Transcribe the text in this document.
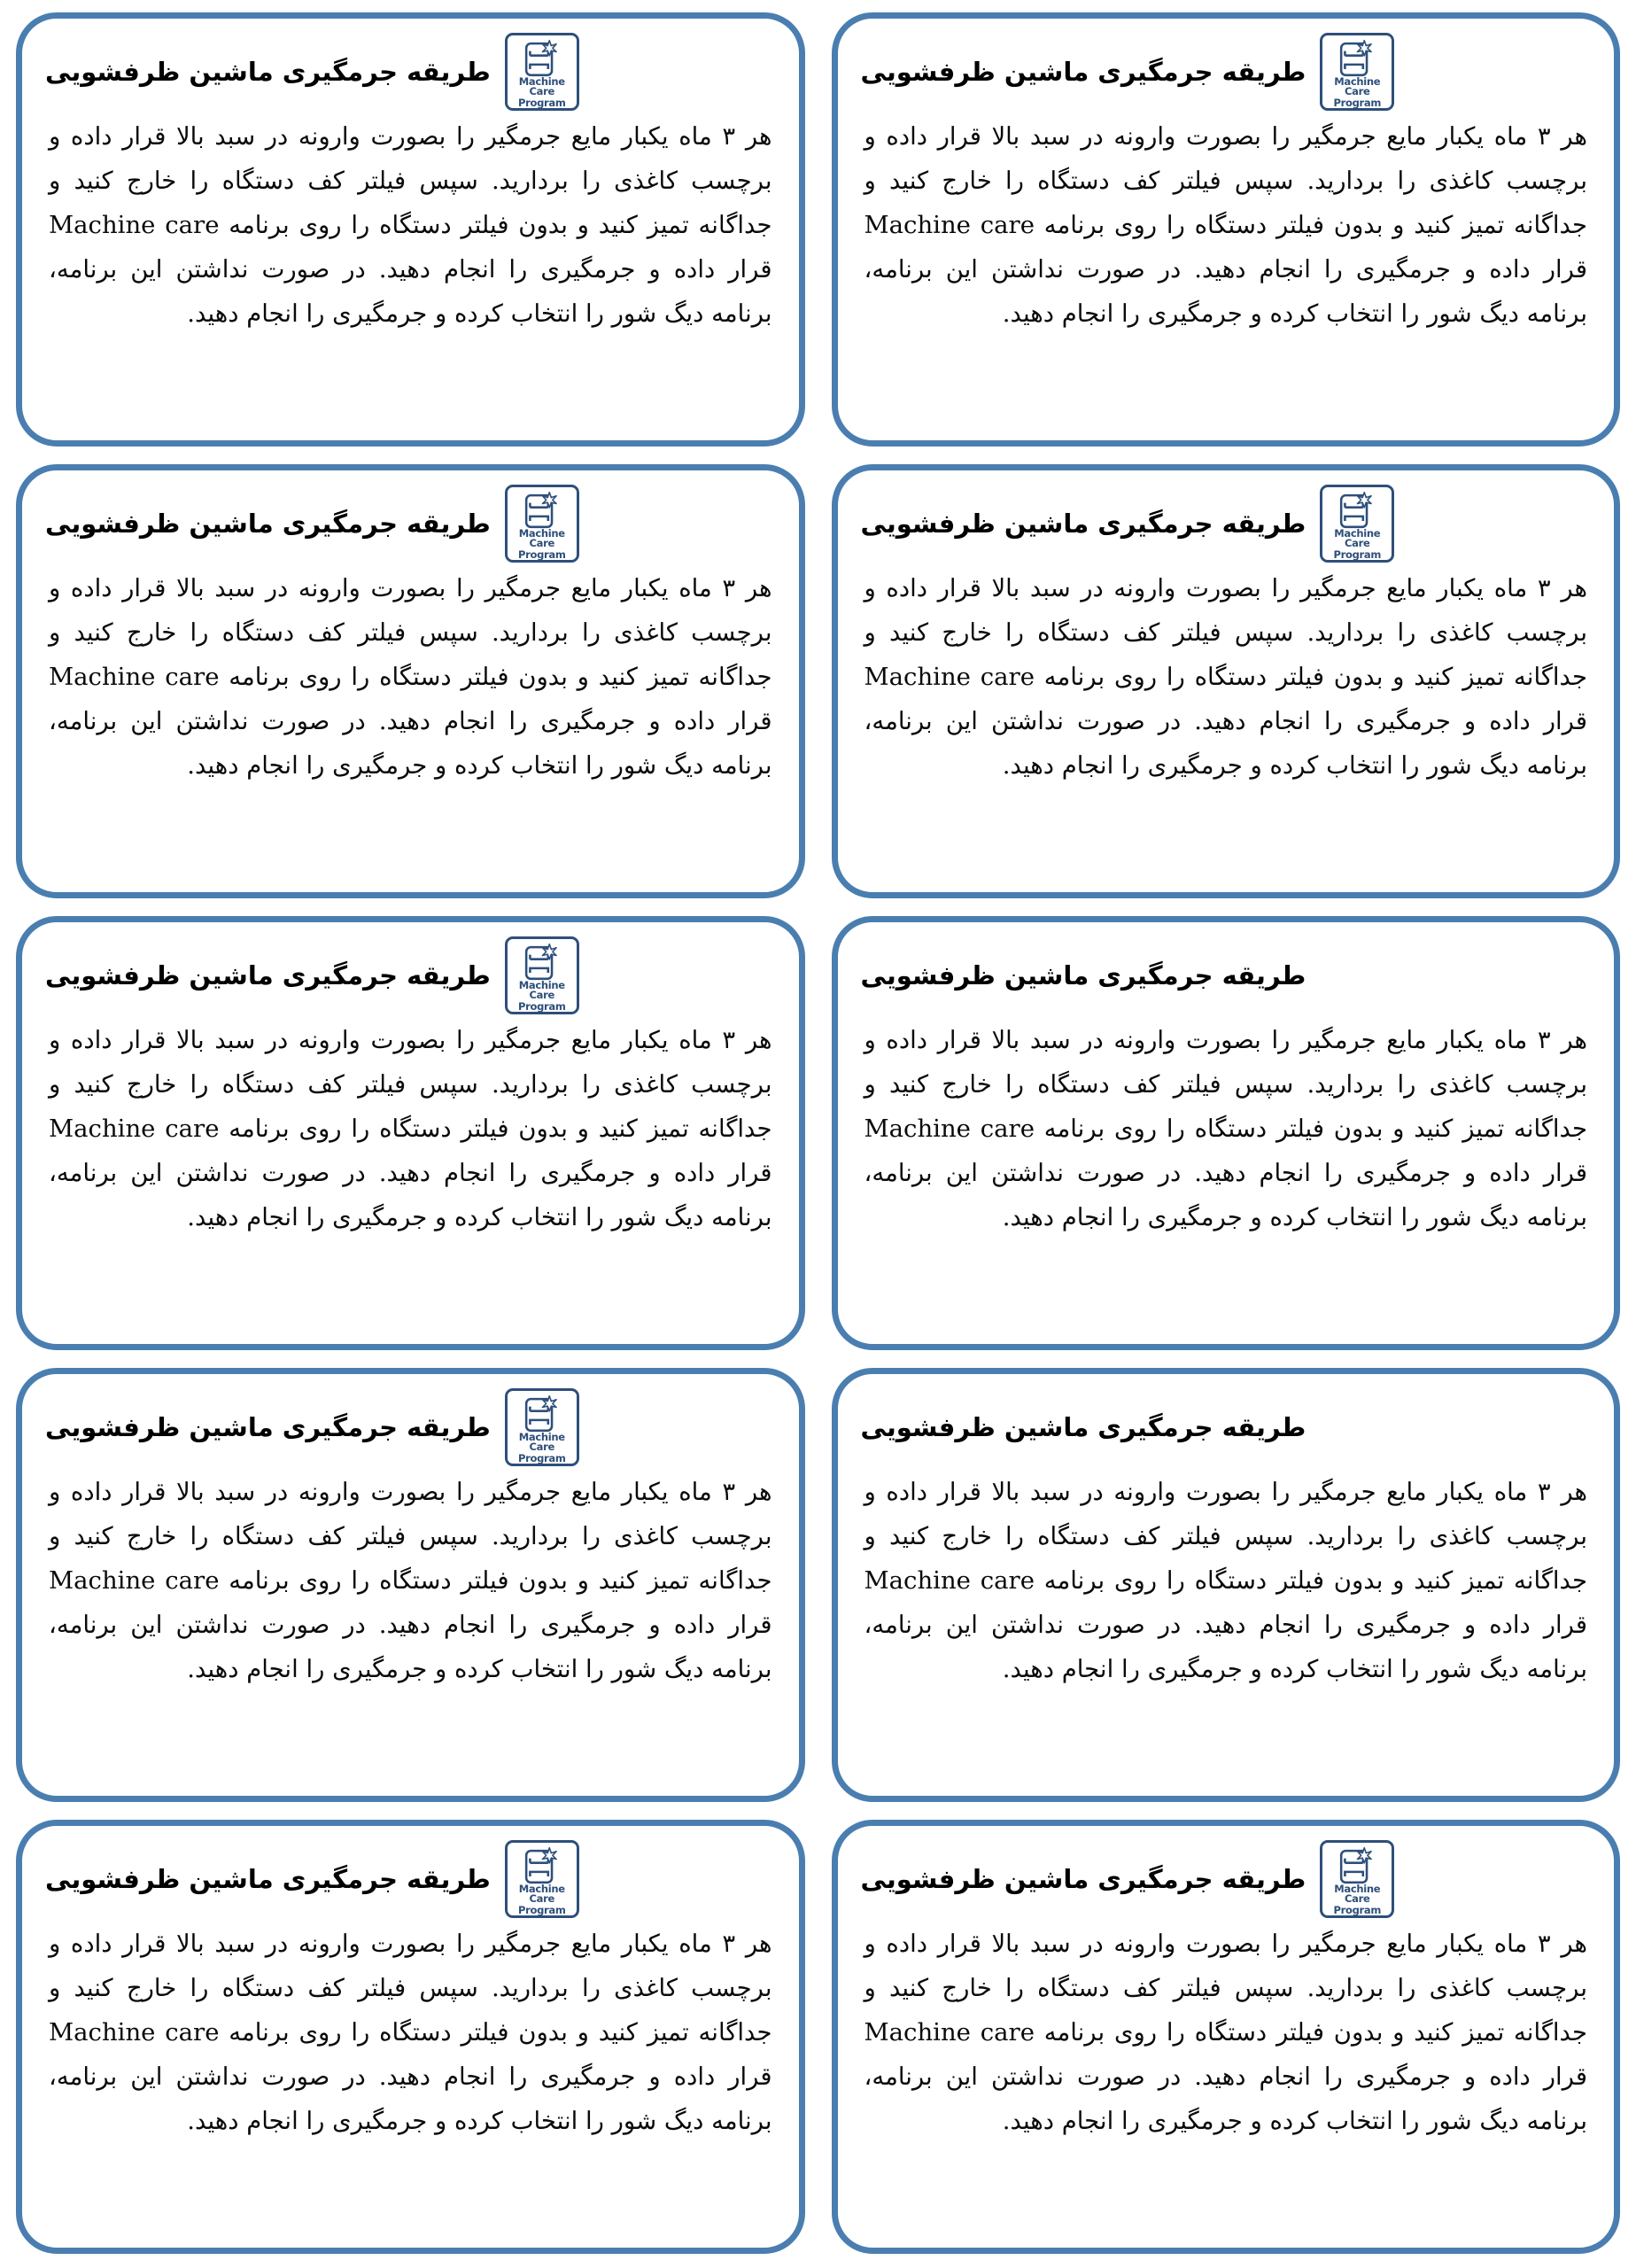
طریقه جرمگیری ماشین ظرفشویی	Machine Care
Program

هر ۳ ماه یکبار مایع جرمگیر را بصورت وارونه در سبد بالا قرار داده و برچسب کاغذی را بردارید. سپس فیلتر کف دستگاه را خارج کنید و جداگانه تمیز کنید و بدون فیلتر دستگاه را روی برنامه Machine care قرار داده و جرمگیری را انجام دهید. در صورت نداشتن این برنامه، برنامه دیگ شور را انتخاب کرده و جرمگیری را انجام دهید.

طریقه جرمگیری ماشین ظرفشویی	Machine Care
Program

هر ۳ ماه یکبار مایع جرمگیر را بصورت وارونه در سبد بالا قرار داده و برچسب کاغذی را بردارید. سپس فیلتر کف دستگاه را خارج کنید و جداگانه تمیز کنید و بدون فیلتر دستگاه را روی برنامه Machine care قرار داده و جرمگیری را انجام دهید. در صورت نداشتن این برنامه، برنامه دیگ شور را انتخاب کرده و جرمگیری را انجام دهید.

طریقه جرمگیری ماشین ظرفشویی	Machine Care
Program

هر ۳ ماه یکبار مایع جرمگیر را بصورت وارونه در سبد بالا قرار داده و برچسب کاغذی را بردارید. سپس فیلتر کف دستگاه را خارج کنید و جداگانه تمیز کنید و بدون فیلتر دستگاه را روی برنامه Machine care قرار داده و جرمگیری را انجام دهید. در صورت نداشتن این برنامه، برنامه دیگ شور را انتخاب کرده و جرمگیری را انجام دهید.

طریقه جرمگیری ماشین ظرفشویی	Machine Care
Program

هر ۳ ماه یکبار مایع جرمگیر را بصورت وارونه در سبد بالا قرار داده و برچسب کاغذی را بردارید. سپس فیلتر کف دستگاه را خارج کنید و جداگانه تمیز کنید و بدون فیلتر دستگاه را روی برنامه Machine care قرار داده و جرمگیری را انجام دهید. در صورت نداشتن این برنامه، برنامه دیگ شور را انتخاب کرده و جرمگیری را انجام دهید.

طریقه جرمگیری ماشین ظرفشویی

هر ۳ ماه یکبار مایع جرمگیر را بصورت وارونه در سبد بالا قرار داده و برچسب کاغذی را بردارید. سپس فیلتر کف دستگاه را خارج کنید و جداگانه تمیز کنید و بدون فیلتر دستگاه را روی برنامه Machine care قرار داده و جرمگیری را انجام دهید. در صورت نداشتن این برنامه، برنامه دیگ شور را انتخاب کرده و جرمگیری را انجام دهید.

طریقه جرمگیری ماشین ظرفشویی	Machine Care
Program

هر ۳ ماه یکبار مایع جرمگیر را بصورت وارونه در سبد بالا قرار داده و برچسب کاغذی را بردارید. سپس فیلتر کف دستگاه را خارج کنید و جداگانه تمیز کنید و بدون فیلتر دستگاه را روی برنامه Machine care قرار داده و جرمگیری را انجام دهید. در صورت نداشتن این برنامه، برنامه دیگ شور را انتخاب کرده و جرمگیری را انجام دهید.

طریقه جرمگیری ماشین ظرفشویی

هر ۳ ماه یکبار مایع جرمگیر را بصورت وارونه در سبد بالا قرار داده و برچسب کاغذی را بردارید. سپس فیلتر کف دستگاه را خارج کنید و جداگانه تمیز کنید و بدون فیلتر دستگاه را روی برنامه Machine care قرار داده و جرمگیری را انجام دهید. در صورت نداشتن این برنامه، برنامه دیگ شور را انتخاب کرده و جرمگیری را انجام دهید.

طریقه جرمگیری ماشین ظرفشویی	Machine Care
Program

هر ۳ ماه یکبار مایع جرمگیر را بصورت وارونه در سبد بالا قرار داده و برچسب کاغذی را بردارید. سپس فیلتر کف دستگاه را خارج کنید و جداگانه تمیز کنید و بدون فیلتر دستگاه را روی برنامه Machine care قرار داده و جرمگیری را انجام دهید. در صورت نداشتن این برنامه، برنامه دیگ شور را انتخاب کرده و جرمگیری را انجام دهید.

طریقه جرمگیری ماشین ظرفشویی	Machine Care
Program

هر ۳ ماه یکبار مایع جرمگیر را بصورت وارونه در سبد بالا قرار داده و برچسب کاغذی را بردارید. سپس فیلتر کف دستگاه را خارج کنید و جداگانه تمیز کنید و بدون فیلتر دستگاه را روی برنامه Machine care قرار داده و جرمگیری را انجام دهید. در صورت نداشتن این برنامه، برنامه دیگ شور را انتخاب کرده و جرمگیری را انجام دهید.

طریقه جرمگیری ماشین ظرفشویی	Machine Care
Program

هر ۳ ماه یکبار مایع جرمگیر را بصورت وارونه در سبد بالا قرار داده و برچسب کاغذی را بردارید. سپس فیلتر کف دستگاه را خارج کنید و جداگانه تمیز کنید و بدون فیلتر دستگاه را روی برنامه Machine care قرار داده و جرمگیری را انجام دهید. در صورت نداشتن این برنامه، برنامه دیگ شور را انتخاب کرده و جرمگیری را انجام دهید.
